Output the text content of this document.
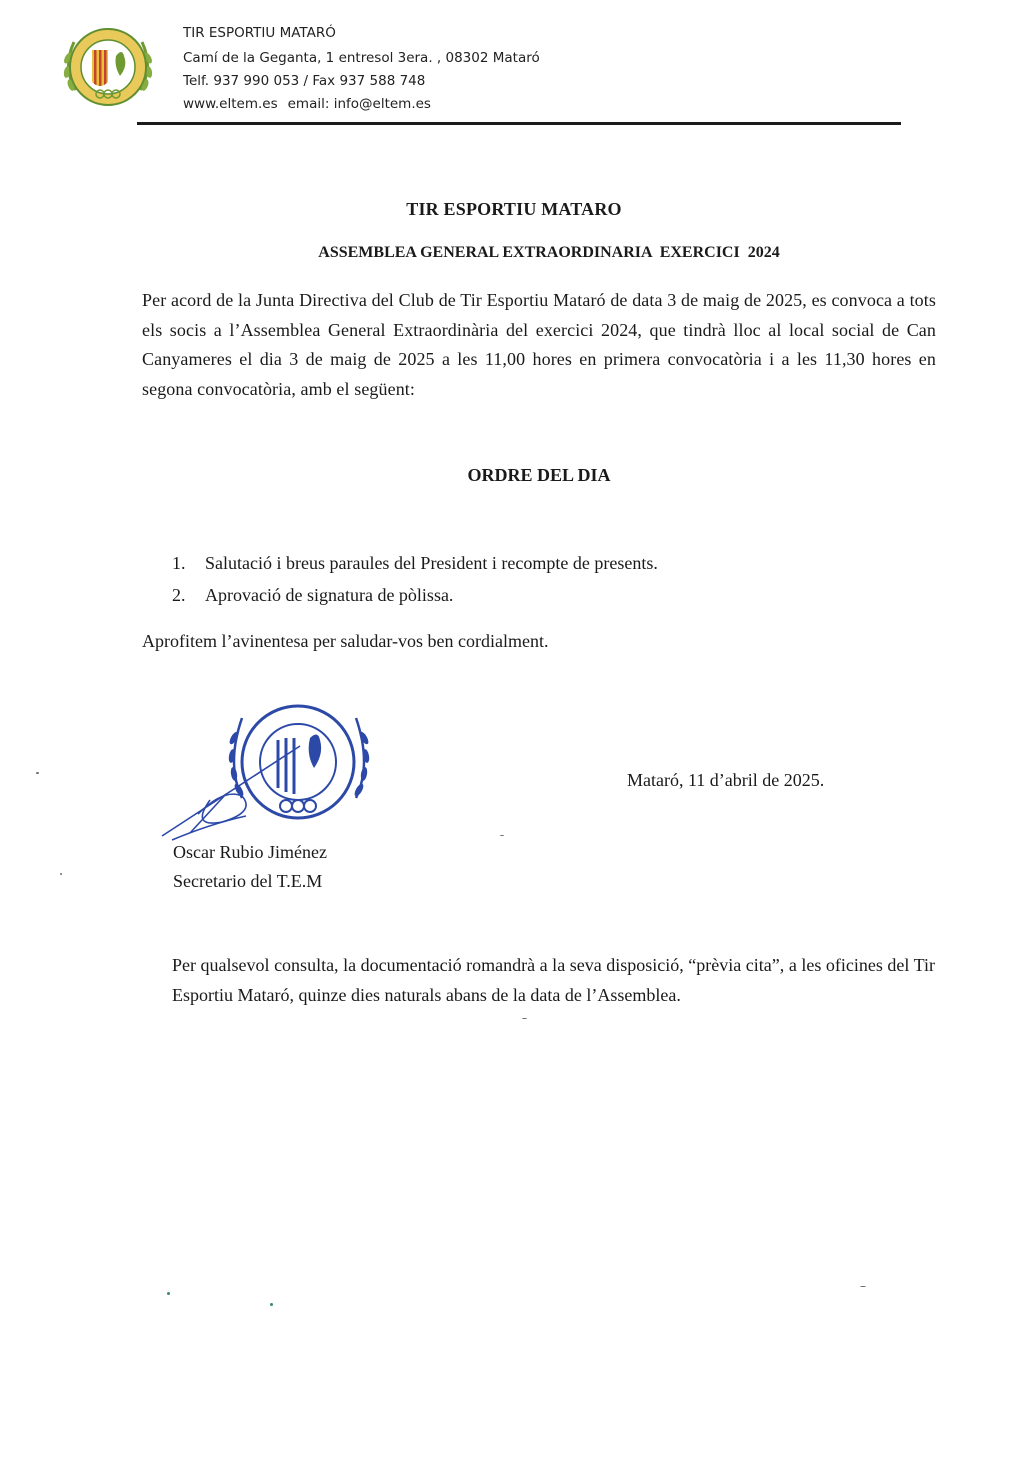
TIR ESPORTIU MATARÓ
Camí de la Geganta, 1 entresol 3era. , 08302 Mataró
Telf. 937 990 053 / Fax 937 588 748
www.eltem.es email: info@eltem.es
TIR ESPORTIU MATARO
ASSEMBLEA GENERAL EXTRAORDINARIA  EXERCICI  2024
Per acord de la Junta Directiva del Club de Tir Esportiu Mataró de data 3 de maig de 2025, es convoca a tots els socis a l’Assemblea General Extraordinària del exercici 2024, que tindrà lloc al local social de Can Canyameres el dia 3 de maig de 2025 a les 11,00 hores en primera convocatòria i a les 11,30 hores en segona convocatòria, amb el següent:
ORDRE DEL DIA
1. Salutació i breus paraules del President i recompte de presents.
2. Aprovació de signatura de pòlissa.
Aprofitem l’avinentesa per saludar-vos ben cordialment.
Mataró, 11 d’abril de 2025.
Oscar Rubio Jiménez
Secretario del T.E.M
Per qualsevol consulta, la documentació romandrà a la seva disposició, “prèvia cita”, a les oficines del Tir Esportiu Mataró, quinze dies naturals abans de la data de l’Assemblea.
